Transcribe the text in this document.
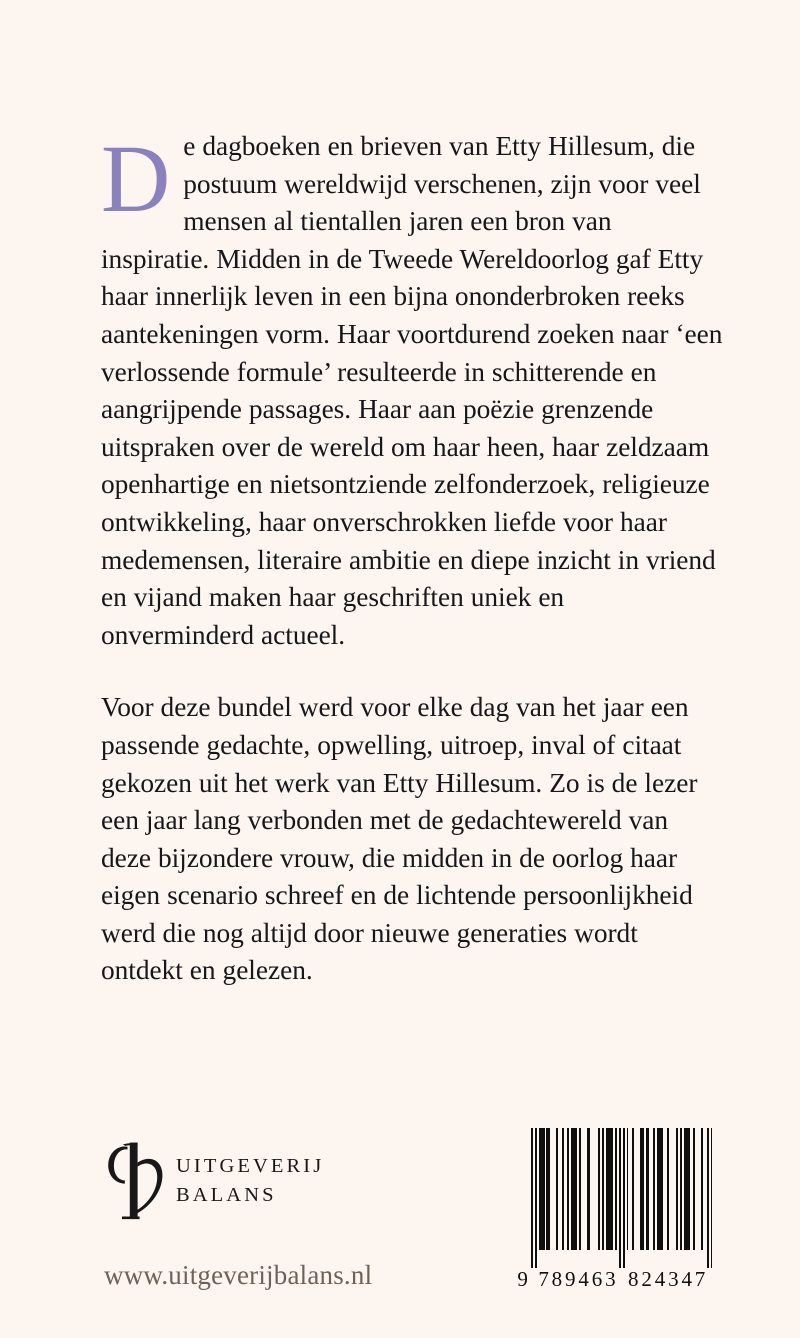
De dagboeken en brieven van Etty Hillesum, die postuum wereldwijd verschenen, zijn voor veel mensen al tientallen jaren een bron van inspiratie. Midden in de Tweede Wereldoorlog gaf Etty haar innerlijk leven in een bijna ononderbroken reeks aantekeningen vorm. Haar voortdurend zoeken naar ‘een verlossende formule’ resulteerde in schitterende en aangrijpende passages. Haar aan poëzie grenzende uitspraken over de wereld om haar heen, haar zeldzaam openhartige en nietsontziende zelfonderzoek, religieuze ontwikkeling, haar onverschrokken liefde voor haar medemensen, literaire ambitie en diepe inzicht in vriend en vijand maken haar geschriften uniek en onverminderd actueel.

Voor deze bundel werd voor elke dag van het jaar een passende gedachte, opwelling, uitroep, inval of citaat gekozen uit het werk van Etty Hillesum. Zo is de lezer een jaar lang verbonden met de gedachtewereld van deze bijzondere vrouw, die midden in de oorlog haar eigen scenario schreef en de lichtende persoonlijkheid werd die nog altijd door nieuwe generaties wordt ontdekt en gelezen.

UITGEVERIJ
BALANS
www.uitgeverijbalans.nl	9 7 8 9 4 6 3 8 2 4 3 4 7
